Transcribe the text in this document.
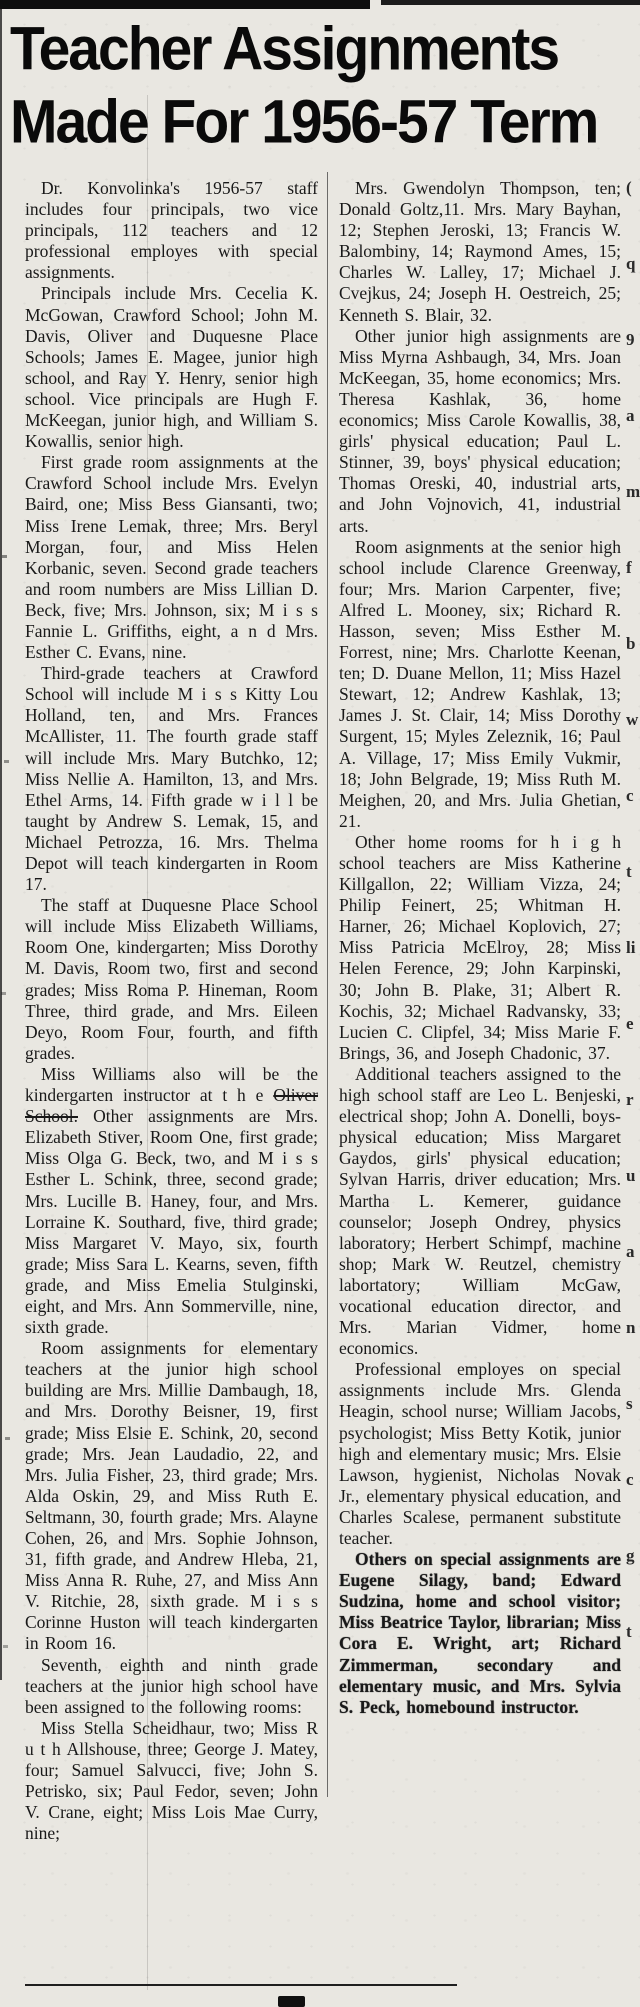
Teacher Assignments
Made For 1956-57 Term

Dr. Konvolinka's 1956-57 staff includes four principals, two vice principals, 112 teachers and 12 professional employes with special assignments.

Principals include Mrs. Cecelia K. McGowan, Crawford School; John M. Davis, Oliver and Duquesne Place Schools; James E. Magee, junior high school, and Ray Y. Henry, senior high school. Vice principals are Hugh F. McKeegan, junior high, and William S. Kowallis, senior high.

First grade room assignments at the Crawford School include Mrs. Evelyn Baird, one; Miss Bess Giansanti, two; Miss Irene Lemak, three; Mrs. Beryl Morgan, four, and Miss Helen Korbanic, seven. Second grade teachers and room numbers are Miss Lillian D. Beck, five; Mrs. Johnson, six; M i s s Fannie L. Griffiths, eight, a n d Mrs. Esther C. Evans, nine.

Third-grade teachers at Crawford School will include M i s s Kitty Lou Holland, ten, and Mrs. Frances McAllister, 11. The fourth grade staff will include Mrs. Mary Butchko, 12; Miss Nellie A. Hamilton, 13, and Mrs. Ethel Arms, 14. Fifth grade w i l l be taught by Andrew S. Lemak, 15, and Michael Petrozza, 16. Mrs. Thelma Depot will teach kindergarten in Room 17.

The staff at Duquesne Place School will include Miss Elizabeth Williams, Room One, kindergarten; Miss Dorothy M. Davis, Room two, first and second grades; Miss Roma P. Hineman, Room Three, third grade, and Mrs. Eileen Deyo, Room Four, fourth, and fifth grades.

Miss Williams also will be the kindergarten instructor at t h e Oliver School. Other assignments are Mrs. Elizabeth Stiver, Room One, first grade; Miss Olga G. Beck, two, and M i s s Esther L. Schink, three, second grade; Mrs. Lucille B. Haney, four, and Mrs. Lorraine K. Southard, five, third grade; Miss Margaret V. Mayo, six, fourth grade; Miss Sara L. Kearns, seven, fifth grade, and Miss Emelia Stulginski, eight, and Mrs. Ann Sommerville, nine, sixth grade.

Room assignments for elementary teachers at the junior high school building are Mrs. Millie Dambaugh, 18, and Mrs. Dorothy Beisner, 19, first grade; Miss Elsie E. Schink, 20, second grade; Mrs. Jean Laudadio, 22, and Mrs. Julia Fisher, 23, third grade; Mrs. Alda Oskin, 29, and Miss Ruth E. Seltmann, 30, fourth grade; Mrs. Alayne Cohen, 26, and Mrs. Sophie Johnson, 31, fifth grade, and Andrew Hleba, 21, Miss Anna R. Ruhe, 27, and Miss Ann V. Ritchie, 28, sixth grade. M i s s Corinne Huston will teach kindergarten in Room 16.

Seventh, eighth and ninth grade teachers at the junior high school have been assigned to the following rooms:

Miss Stella Scheidhaur, two; Miss R u t h Allshouse, three; George J. Matey, four; Samuel Salvucci, five; John S. Petrisko, six; Paul Fedor, seven; John V. Crane, eight; Miss Lois Mae Curry, nine;

Mrs. Gwendolyn Thompson, ten; Donald Goltz,11. Mrs. Mary Bayhan, 12; Stephen Jeroski, 13; Francis W. Balombiny, 14; Raymond Ames, 15; Charles W. Lalley, 17; Michael J. Cvejkus, 24; Joseph H. Oestreich, 25; Kenneth S. Blair, 32.

Other junior high assignments are Miss Myrna Ashbaugh, 34, Mrs. Joan McKeegan, 35, home economics; Mrs. Theresa Kashlak, 36, home economics; Miss Carole Kowallis, 38, girls' physical education; Paul L. Stinner, 39, boys' physical education; Thomas Oreski, 40, industrial arts, and John Vojnovich, 41, industrial arts.

Room asignments at the senior high school include Clarence Greenway, four; Mrs. Marion Carpenter, five; Alfred L. Mooney, six; Richard R. Hasson, seven; Miss Esther M. Forrest, nine; Mrs. Charlotte Keenan, ten; D. Duane Mellon, 11; Miss Hazel Stewart, 12; Andrew Kashlak, 13; James J. St. Clair, 14; Miss Dorothy Surgent, 15; Myles Zeleznik, 16; Paul A. Village, 17; Miss Emily Vukmir, 18; John Belgrade, 19; Miss Ruth M. Meighen, 20, and Mrs. Julia Ghetian, 21.

Other home rooms for h i g h school teachers are Miss Katherine Killgallon, 22; William Vizza, 24; Philip Feinert, 25; Whitman H. Harner, 26; Michael Koplovich, 27; Miss Patricia McElroy, 28; Miss Helen Ference, 29; John Karpinski, 30; John B. Plake, 31; Albert R. Kochis, 32; Michael Radvansky, 33; Lucien C. Clipfel, 34; Miss Marie F. Brings, 36, and Joseph Chadonic, 37.

Additional teachers assigned to the high school staff are Leo L. Benjeski, electrical shop; John A. Donelli, boys-physical education; Miss Margaret Gaydos, girls' physical education; Sylvan Harris, driver education; Mrs. Martha L. Kemerer, guidance counselor; Joseph Ondrey, physics laboratory; Herbert Schimpf, machine shop; Mark W. Reutzel, chemistry labortatory; William McGaw, vocational education director, and Mrs. Marian Vidmer, home economics.

Professional employes on special assignments include Mrs. Glenda Heagin, school nurse; William Jacobs, psychologist; Miss Betty Kotik, junior high and elementary music; Mrs. Elsie Lawson, hygienist, Nicholas Novak Jr., elementary physical education, and Charles Scalese, permanent substitute teacher.

Others on special assignments are Eugene Silagy, band; Edward Sudzina, home and school visitor; Miss Beatrice Taylor, librarian; Miss Cora E. Wright, art; Richard Zimmerman, secondary and elementary music, and Mrs. Sylvia S. Peck, homebound instructor.

(
q
9
a
m
f
b
w
c
t
li
e
r
u
a
n
s
c
g
t
